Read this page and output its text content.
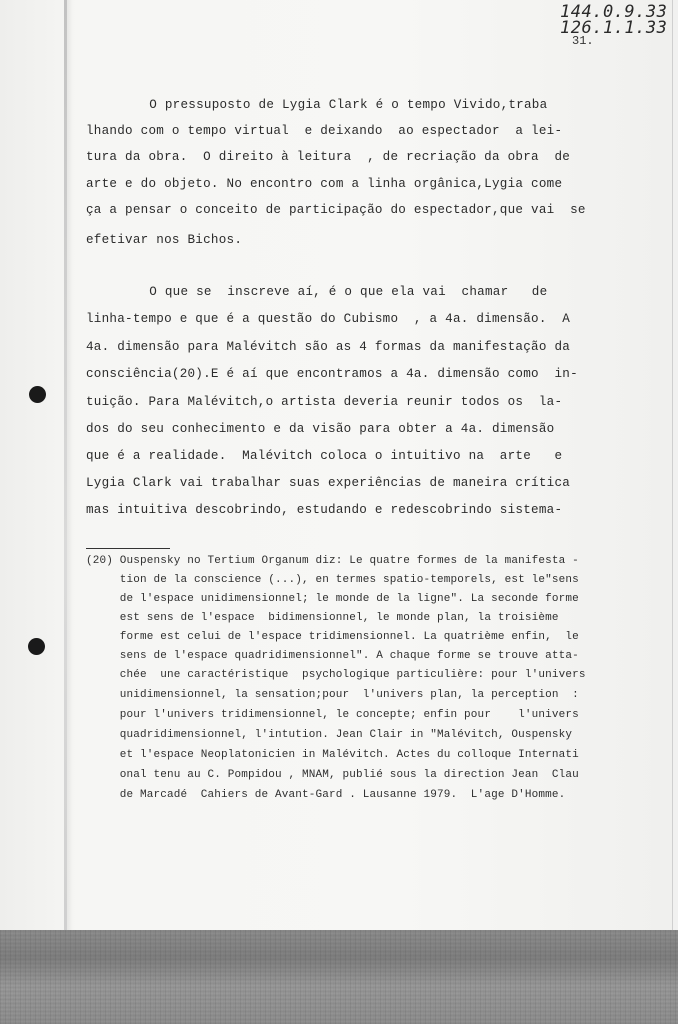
144.0.9.33
126.1.1.33
31.
O pressuposto de Lygia Clark é o tempo Vivido,traba
lhando com o tempo virtual  e deixando  ao espectador  a lei-
tura da obra.  O direito à leitura  , de recriação da obra  de
arte e do objeto. No encontro com a linha orgânica,Lygia come
ça a pensar o conceito de participação do espectador,que vai  se
efetivar nos Bichos.
O que se  inscreve aí, é o que ela vai  chamar   de
linha-tempo e que é a questão do Cubismo  , a 4a. dimensão.  A
4a. dimensão para Malévitch são as 4 formas da manifestação da
consciência(20).E é aí que encontramos a 4a. dimensão como  in-
tuição. Para Malévitch,o artista deveria reunir todos os  la-
dos do seu conhecimento e da visão para obter a 4a. dimensão
que é a realidade.  Malévitch coloca o intuitivo na  arte   e
Lygia Clark vai trabalhar suas experiências de maneira crítica
mas intuitiva descobrindo, estudando e redescobrindo sistema-
(20) Ouspensky no Tertium Organum diz: Le quatre formes de la manifesta -
tion de la conscience (...), en termes spatio-temporels, est le"sens
de l'espace unidimensionnel; le monde de la ligne". La seconde forme
est sens de l'espace  bidimensionnel, le monde plan, la troisième
forme est celui de l'espace tridimensionnel. La quatrième enfin,  le
sens de l'espace quadridimensionnel". A chaque forme se trouve atta-
chée  une caractéristique  psychologique particulière: pour l'univers
unidimensionnel, la sensation;pour  l'univers plan, la perception  :
pour l'univers tridimensionnel, le concepte; enfin pour    l'univers
quadridimensionnel, l'intution. Jean Clair in "Malévitch, Ouspensky
et l'espace Neoplatonicien in Malévitch. Actes du colloque Internati
onal tenu au C. Pompidou , MNAM, publié sous la direction Jean  Clau
de Marcadé  Cahiers de Avant-Gard . Lausanne 1979.  L'age D'Homme.
